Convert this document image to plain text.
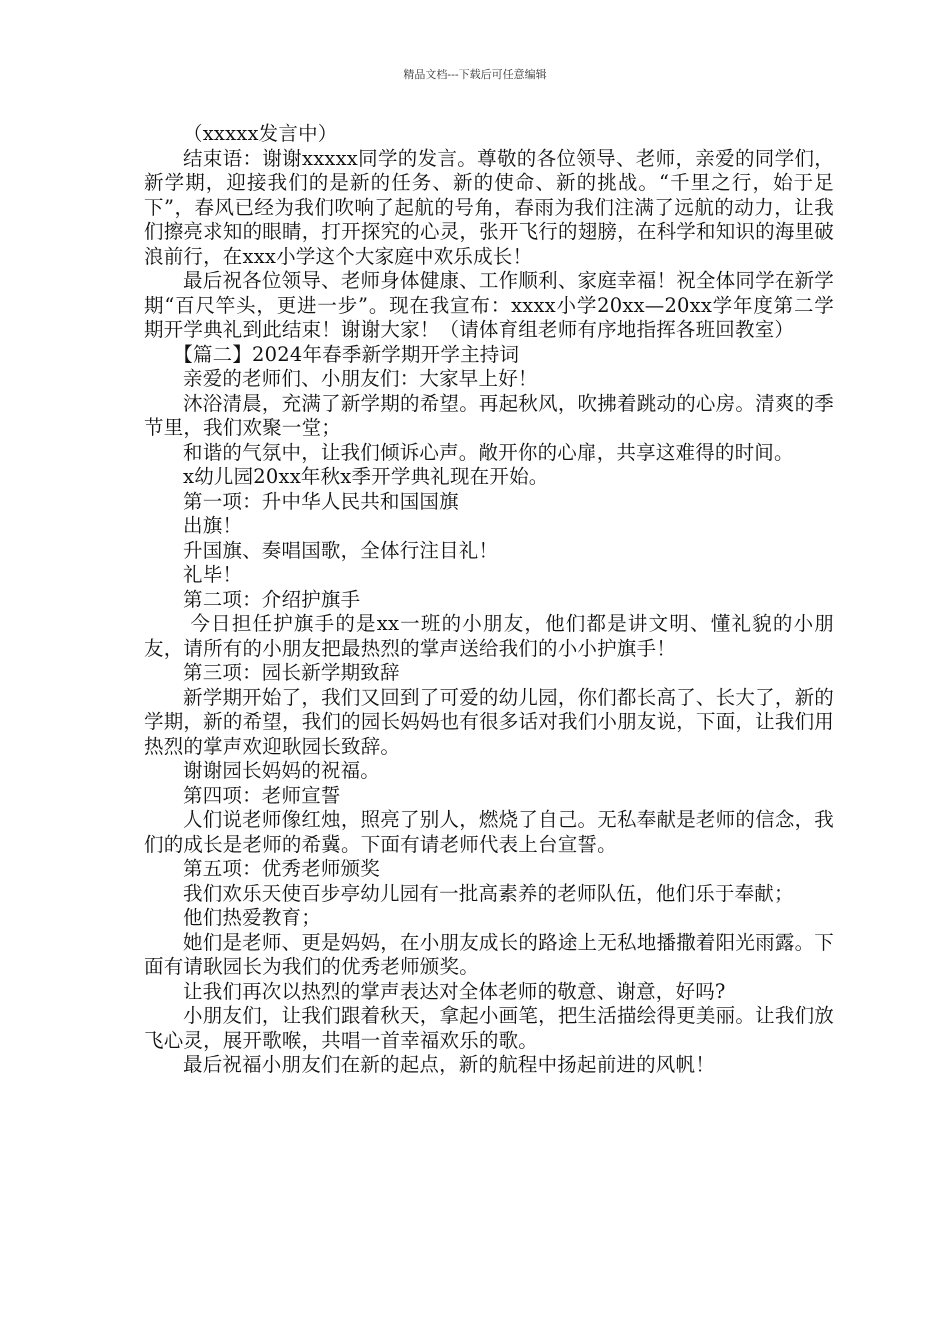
精品文档---下载后可任意编辑

（xxxxx发言中）

结束语：谢谢xxxxx同学的发言。尊敬的各位领导、老师，亲爱的同学们，新学期，迎接我们的是新的任务、新的使命、新的挑战。“千里之行，始于足下”，春风已经为我们吹响了起航的号角，春雨为我们注满了远航的动力，让我们擦亮求知的眼睛，打开探究的心灵，张开飞行的翅膀，在科学和知识的海里破浪前行，在xxx小学这个大家庭中欢乐成长！

最后祝各位领导、老师身体健康、工作顺利、家庭幸福！祝全体同学在新学期“百尺竿头，更进一步”。现在我宣布：xxxx小学20xx—20xx学年度第二学期开学典礼到此结束！谢谢大家！（请体育组老师有序地指挥各班回教室）

【篇二】2024年春季新学期开学主持词

亲爱的老师们、小朋友们：大家早上好！

沐浴清晨，充满了新学期的希望。再起秋风，吹拂着跳动的心房。清爽的季节里，我们欢聚一堂；

和谐的气氛中，让我们倾诉心声。敞开你的心扉，共享这难得的时间。

x幼儿园20xx年秋x季开学典礼现在开始。

第一项：升中华人民共和国国旗

出旗！

升国旗、奏唱国歌，全体行注目礼！

礼毕！

第二项：介绍护旗手

今日担任护旗手的是xx一班的小朋友，他们都是讲文明、懂礼貌的小朋友，请所有的小朋友把最热烈的掌声送给我们的小小护旗手！

第三项：园长新学期致辞

新学期开始了，我们又回到了可爱的幼儿园，你们都长高了、长大了，新的学期，新的希望，我们的园长妈妈也有很多话对我们小朋友说，下面，让我们用热烈的掌声欢迎耿园长致辞。

谢谢园长妈妈的祝福。

第四项：老师宣誓

人们说老师像红烛，照亮了别人，燃烧了自己。无私奉献是老师的信念，我们的成长是老师的希冀。下面有请老师代表上台宣誓。

第五项：优秀老师颁奖

我们欢乐天使百步亭幼儿园有一批高素养的老师队伍，他们乐于奉献；

他们热爱教育；

她们是老师、更是妈妈，在小朋友成长的路途上无私地播撒着阳光雨露。下面有请耿园长为我们的优秀老师颁奖。

让我们再次以热烈的掌声表达对全体老师的敬意、谢意，好吗?

小朋友们，让我们跟着秋天，拿起小画笔，把生活描绘得更美丽。让我们放飞心灵，展开歌喉，共唱一首幸福欢乐的歌。

最后祝福小朋友们在新的起点，新的航程中扬起前进的风帆！
